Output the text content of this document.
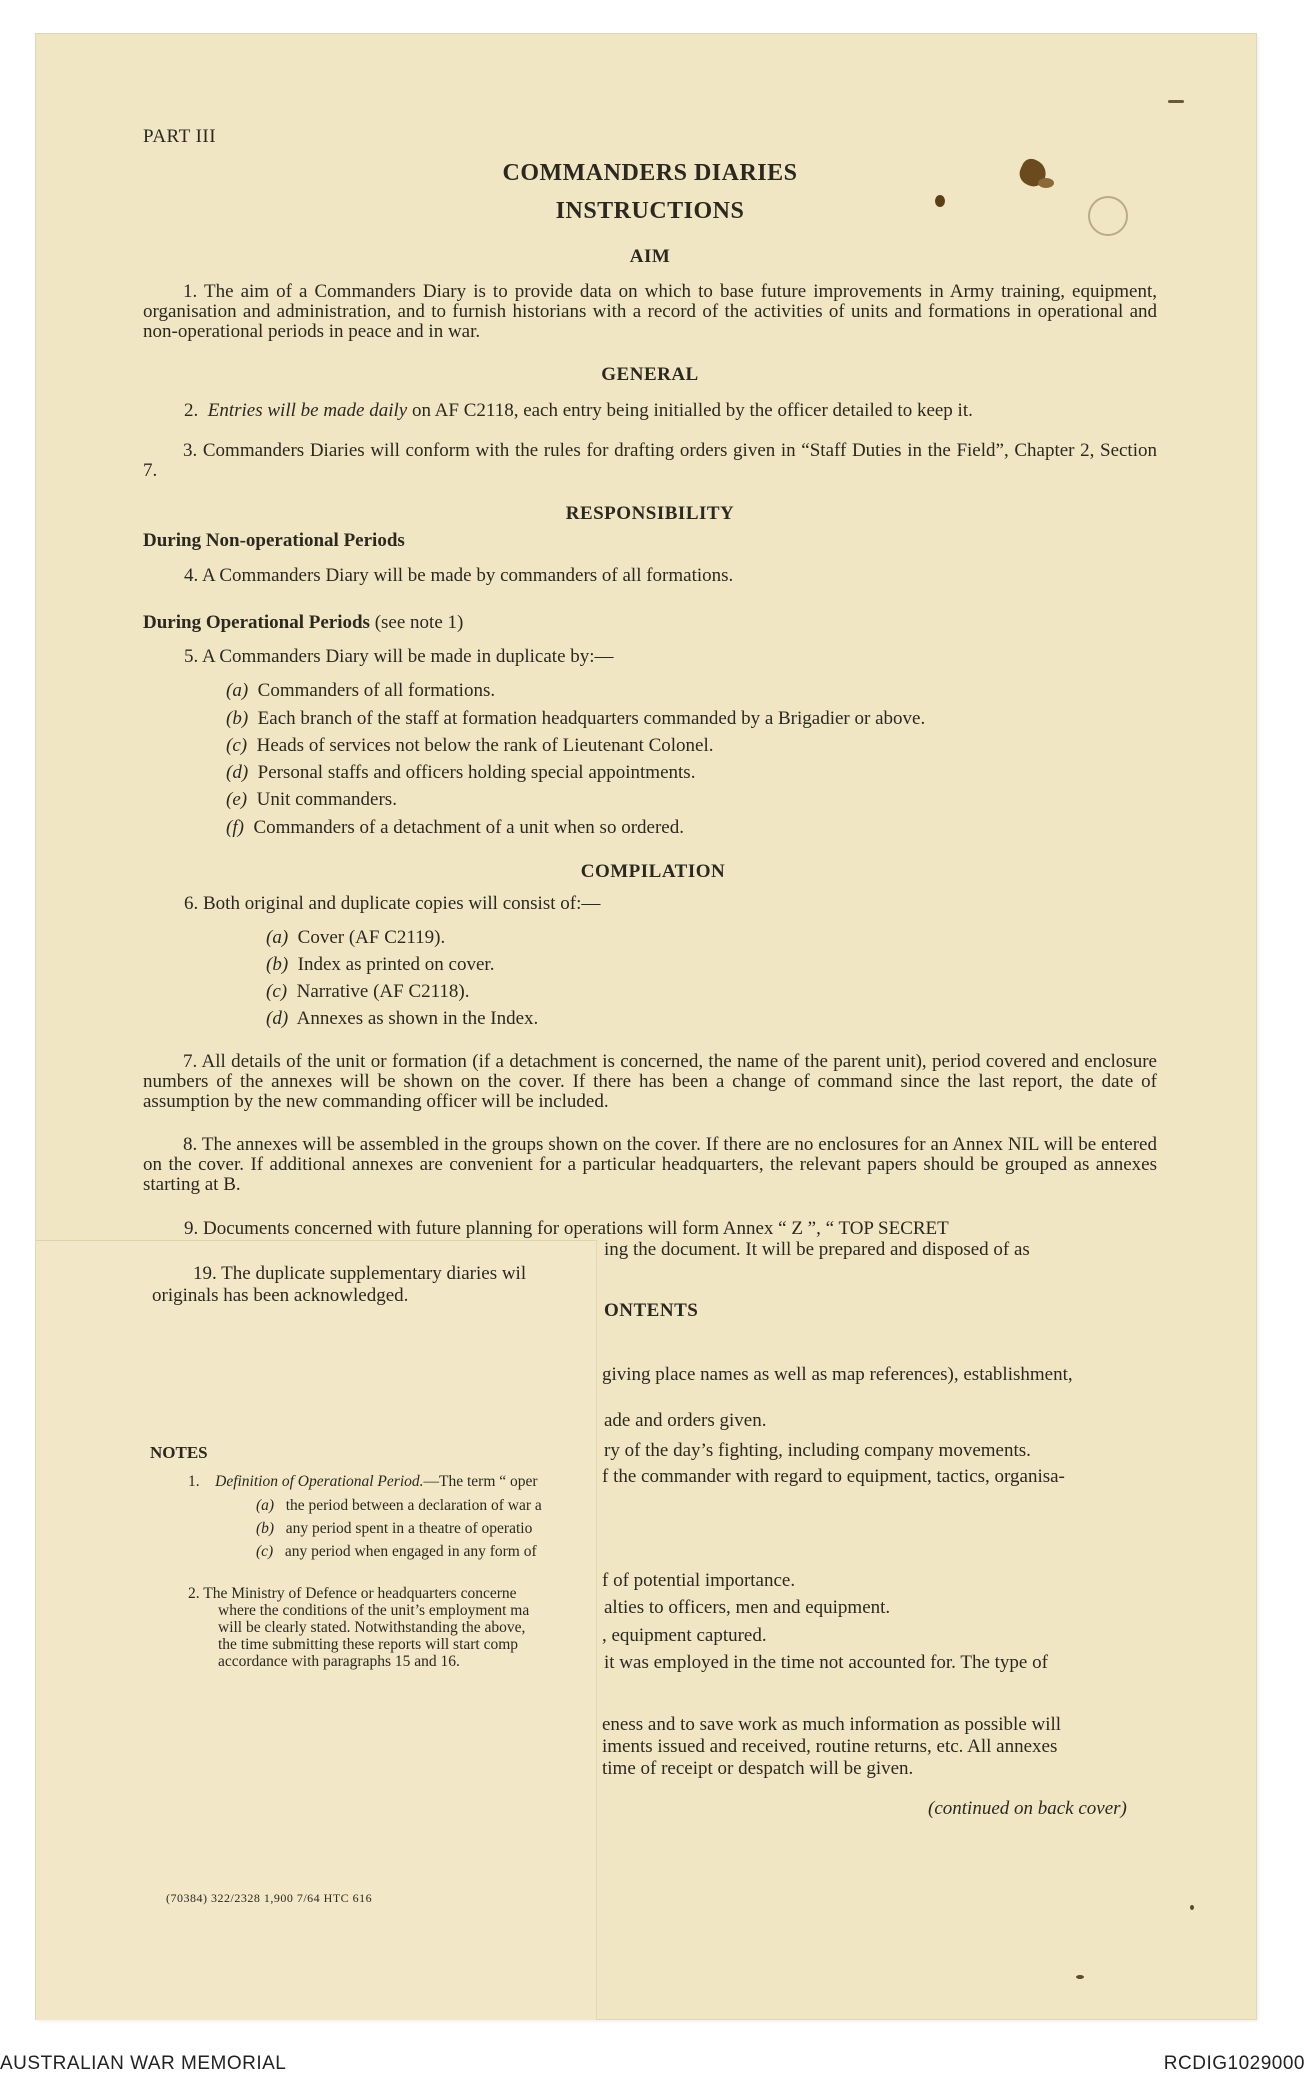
PART III
COMMANDERS DIARIES
INSTRUCTIONS
AIM
1. The aim of a Commanders Diary is to provide data on which to base future improvements in Army training, equipment, organisation and administration, and to furnish historians with a record of the activities of units and formations in operational and non-operational periods in peace and in war.
GENERAL
2. Entries will be made daily on AF C2118, each entry being initialled by the officer detailed to keep it.
3. Commanders Diaries will conform with the rules for drafting orders given in “Staff Duties in the Field”, Chapter 2, Section 7.
RESPONSIBILITY
During Non-operational Periods
4. A Commanders Diary will be made by commanders of all formations.
During Operational Periods (see note 1)
5. A Commanders Diary will be made in duplicate by:—
(a) Commanders of all formations.
(b) Each branch of the staff at formation headquarters commanded by a Brigadier or above.
(c) Heads of services not below the rank of Lieutenant Colonel.
(d) Personal staffs and officers holding special appointments.
(e) Unit commanders.
(f) Commanders of a detachment of a unit when so ordered.
COMPILATION
6. Both original and duplicate copies will consist of:—
(a) Cover (AF C2119).
(b) Index as printed on cover.
(c) Narrative (AF C2118).
(d) Annexes as shown in the Index.
7. All details of the unit or formation (if a detachment is concerned, the name of the parent unit), period covered and enclosure numbers of the annexes will be shown on the cover. If there has been a change of command since the last report, the date of assumption by the new commanding officer will be included.
8. The annexes will be assembled in the groups shown on the cover. If there are no enclosures for an Annex NIL will be entered on the cover. If additional annexes are convenient for a particular headquarters, the relevant papers should be grouped as annexes starting at B.
9. Documents concerned with future planning for operations will form Annex “ Z ”, “ TOP SECRET
ing the document. It will be prepared and disposed of as
ONTENTS
giving place names as well as map references), establishment,
ade and orders given.
ry of the day’s fighting, including company movements.
f the commander with regard to equipment, tactics, organisa-
f of potential importance.
alties to officers, men and equipment.
, equipment captured.
it was employed in the time not accounted for. The type of
eness and to save work as much information as possible will
iments issued and received, routine returns, etc. All annexes
time of receipt or despatch will be given.
(continued on back cover)
19. The duplicate supplementary diaries wil
originals has been acknowledged.
NOTES
1. Definition of Operational Period.—The term “ oper
(a) the period between a declaration of war a
(b) any period spent in a theatre of operatio
(c) any period when engaged in any form of
2. The Ministry of Defence or headquarters concerne
where the conditions of the unit’s employment ma
will be clearly stated. Notwithstanding the above,
the time submitting these reports will start comp
accordance with paragraphs 15 and 16.
(70384) 322/2328 1,900 7/64 HTC 616
AUSTRALIAN WAR MEMORIAL	RCDIG1029000
